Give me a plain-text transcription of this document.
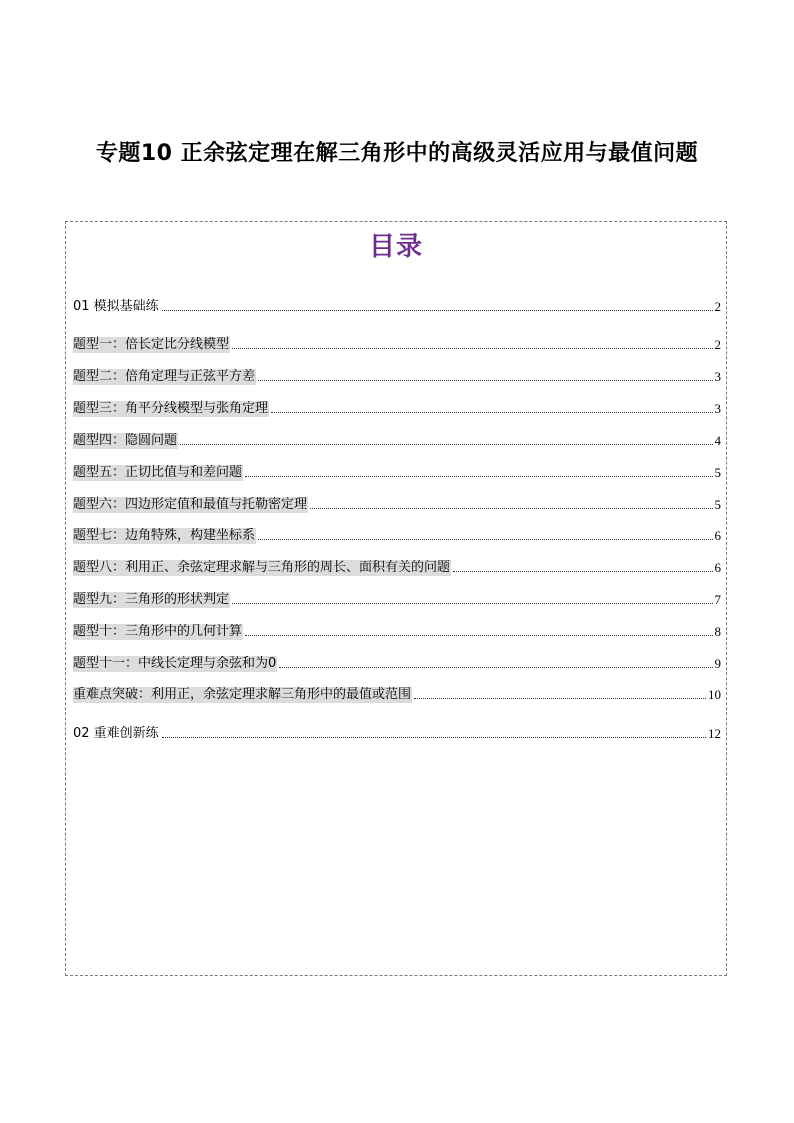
专题10 正余弦定理在解三角形中的高级灵活应用与最值问题
目录
01 模拟基础练	2
题型一：倍长定比分线模型	2
题型二：倍角定理与正弦平方差	3
题型三：角平分线模型与张角定理	3
题型四：隐圆问题	4
题型五：正切比值与和差问题	5
题型六：四边形定值和最值与托勒密定理	5
题型七：边角特殊，构建坐标系	6
题型八：利用正、余弦定理求解与三角形的周长、面积有关的问题	6
题型九：三角形的形状判定	7
题型十：三角形中的几何计算	8
题型十一：中线长定理与余弦和为0	9
重难点突破：利用正，余弦定理求解三角形中的最值或范围	10
02 重难创新练	12
